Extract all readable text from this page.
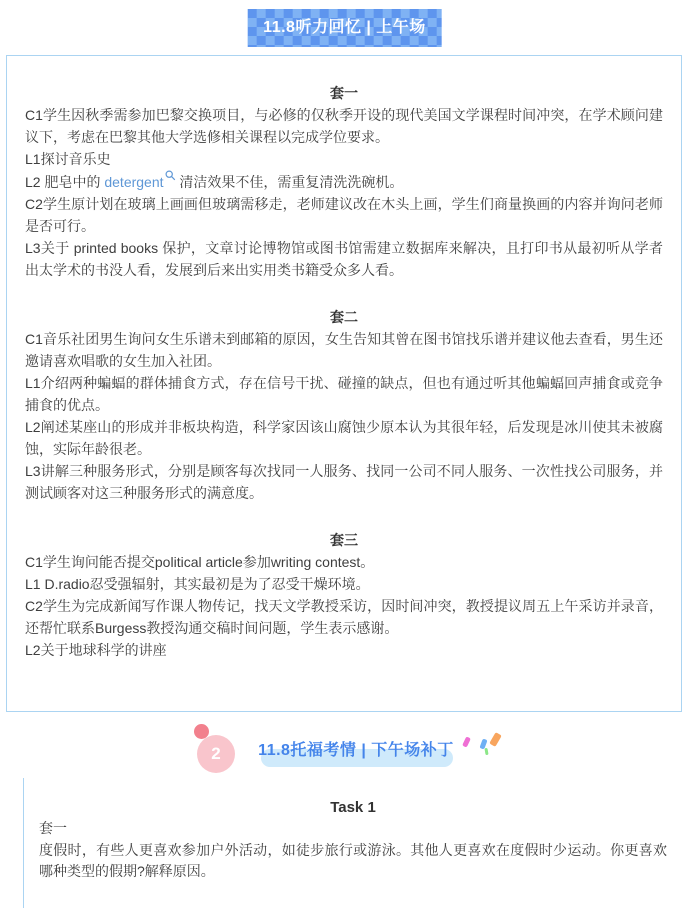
11.8听力回忆 | 上午场

套一

C1学生因秋季需参加巴黎交换项目，与必修的仅秋季开设的现代美国文学课程时间冲突，在学术顾问建议下，考虑在巴黎其他大学选修相关课程以完成学位要求。

L1探讨音乐史

L2 肥皂中的 detergent 清洁效果不佳，需重复清洗洗碗机。

C2学生原计划在玻璃上画画但玻璃需移走，老师建议改在木头上画，学生们商量换画的内容并询问老师是否可行。

L3关于 printed books 保护，文章讨论博物馆或图书馆需建立数据库来解决，且打印书从最初听从学者出太学术的书没人看，发展到后来出实用类书籍受众多人看。

套二

C1音乐社团男生询问女生乐谱未到邮箱的原因，女生告知其曾在图书馆找乐谱并建议他去查看，男生还邀请喜欢唱歌的女生加入社团。

L1介绍两种蝙蝠的群体捕食方式，存在信号干扰、碰撞的缺点，但也有通过听其他蝙蝠回声捕食或竞争捕食的优点。

L2阐述某座山的形成并非板块构造，科学家因该山腐蚀少原本认为其很年轻，后发现是冰川使其未被腐蚀，实际年龄很老。

L3讲解三种服务形式，分别是顾客每次找同一人服务、找同一公司不同人服务、一次性找公司服务，并测试顾客对这三种服务形式的满意度。

套三

C1学生询问能否提交political article参加writing contest。

L1 D.radio忍受强辐射，其实最初是为了忍受干燥环境。

C2学生为完成新闻写作课人物传记，找天文学教授采访，因时间冲突，教授提议周五上午采访并录音，还帮忙联系Burgess教授沟通交稿时间问题，学生表示感谢。

L2关于地球科学的讲座

2 11.8托福考情 | 下午场补丁

Task 1

套一

度假时，有些人更喜欢参加户外活动，如徒步旅行或游泳。其他人更喜欢在度假时少运动。你更喜欢哪种类型的假期?解释原因。
